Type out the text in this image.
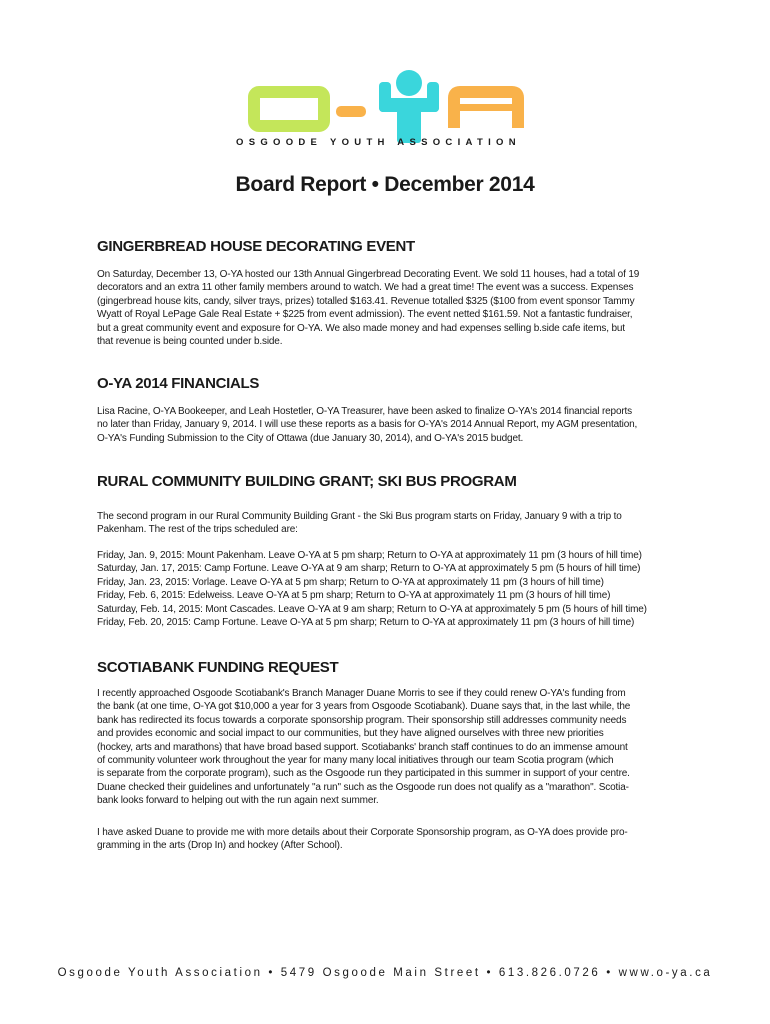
OSGOODE YOUTH ASSOCIATION
Board Report • December 2014
GINGERBREAD HOUSE DECORATING EVENT
On Saturday, December 13, O-YA hosted our 13th Annual Gingerbread Decorating Event. We sold 11 houses, had a total of 19
decorators and an extra 11 other family members around to watch. We had a great time! The event was a success. Expenses
(gingerbread house kits, candy, silver trays, prizes) totalled $163.41. Revenue totalled $325 ($100 from event sponsor Tammy
Wyatt of Royal LePage Gale Real Estate + $225 from event admission). The event netted $161.59. Not a fantastic fundraiser,
but a great community event and exposure for O-YA. We also made money and had expenses selling b.side cafe items, but
that revenue is being counted under b.side.
O-YA 2014 FINANCIALS
Lisa Racine, O-YA Bookeeper, and Leah Hostetler, O-YA Treasurer, have been asked to finalize O-YA's 2014 financial reports
no later than Friday, January 9, 2014. I will use these reports as a basis for O-YA's 2014 Annual Report, my AGM presentation,
O-YA's Funding Submission to the City of Ottawa (due January 30, 2014), and O-YA's 2015 budget.
RURAL COMMUNITY BUILDING GRANT; SKI BUS PROGRAM
The second program in our Rural Community Building Grant - the Ski Bus program starts on Friday, January 9 with a trip to
Pakenham. The rest of the trips scheduled are:
Friday, Jan. 9, 2015: Mount Pakenham. Leave O-YA at 5 pm sharp; Return to O-YA at approximately 11 pm (3 hours of hill time)
Saturday, Jan. 17, 2015: Camp Fortune. Leave O-YA at 9 am sharp; Return to O-YA at approximately 5 pm (5 hours of hill time)
Friday, Jan. 23, 2015: Vorlage. Leave O-YA at 5 pm sharp; Return to O-YA at approximately 11 pm (3 hours of hill time)
Friday, Feb. 6, 2015: Edelweiss. Leave O-YA at 5 pm sharp; Return to O-YA at approximately 11 pm (3 hours of hill time)
Saturday, Feb. 14, 2015: Mont Cascades. Leave O-YA at 9 am sharp; Return to O-YA at approximately 5 pm (5 hours of hill time)
Friday, Feb. 20, 2015: Camp Fortune. Leave O-YA at 5 pm sharp; Return to O-YA at approximately 11 pm (3 hours of hill time)
SCOTIABANK FUNDING REQUEST
I recently approached Osgoode Scotiabank's Branch Manager Duane Morris to see if they could renew O-YA's funding from
the bank (at one time, O-YA got $10,000 a year for 3 years from Osgoode Scotiabank). Duane says that, in the last while, the
bank has redirected its focus towards a corporate sponsorship program. Their sponsorship still addresses community needs
and provides economic and social impact to our communities, but they have aligned ourselves with three new priorities
(hockey, arts and marathons) that have broad based support. Scotiabanks' branch staff continues to do an immense amount
of community volunteer work throughout the year for many many local initiatives through our team Scotia program (which
is separate from the corporate program), such as the Osgoode run they participated in this summer in support of your centre.
Duane checked their guidelines and unfortunately "a run" such as the Osgoode run does not qualify as a "marathon". Scotia-
bank looks forward to helping out with the run again next summer.
I have asked Duane to provide me with more details about their Corporate Sponsorship program, as O-YA does provide pro-
gramming in the arts (Drop In) and hockey (After School).
Osgoode Youth Association • 5479 Osgoode Main Street • 613.826.0726 • www.o-ya.ca
